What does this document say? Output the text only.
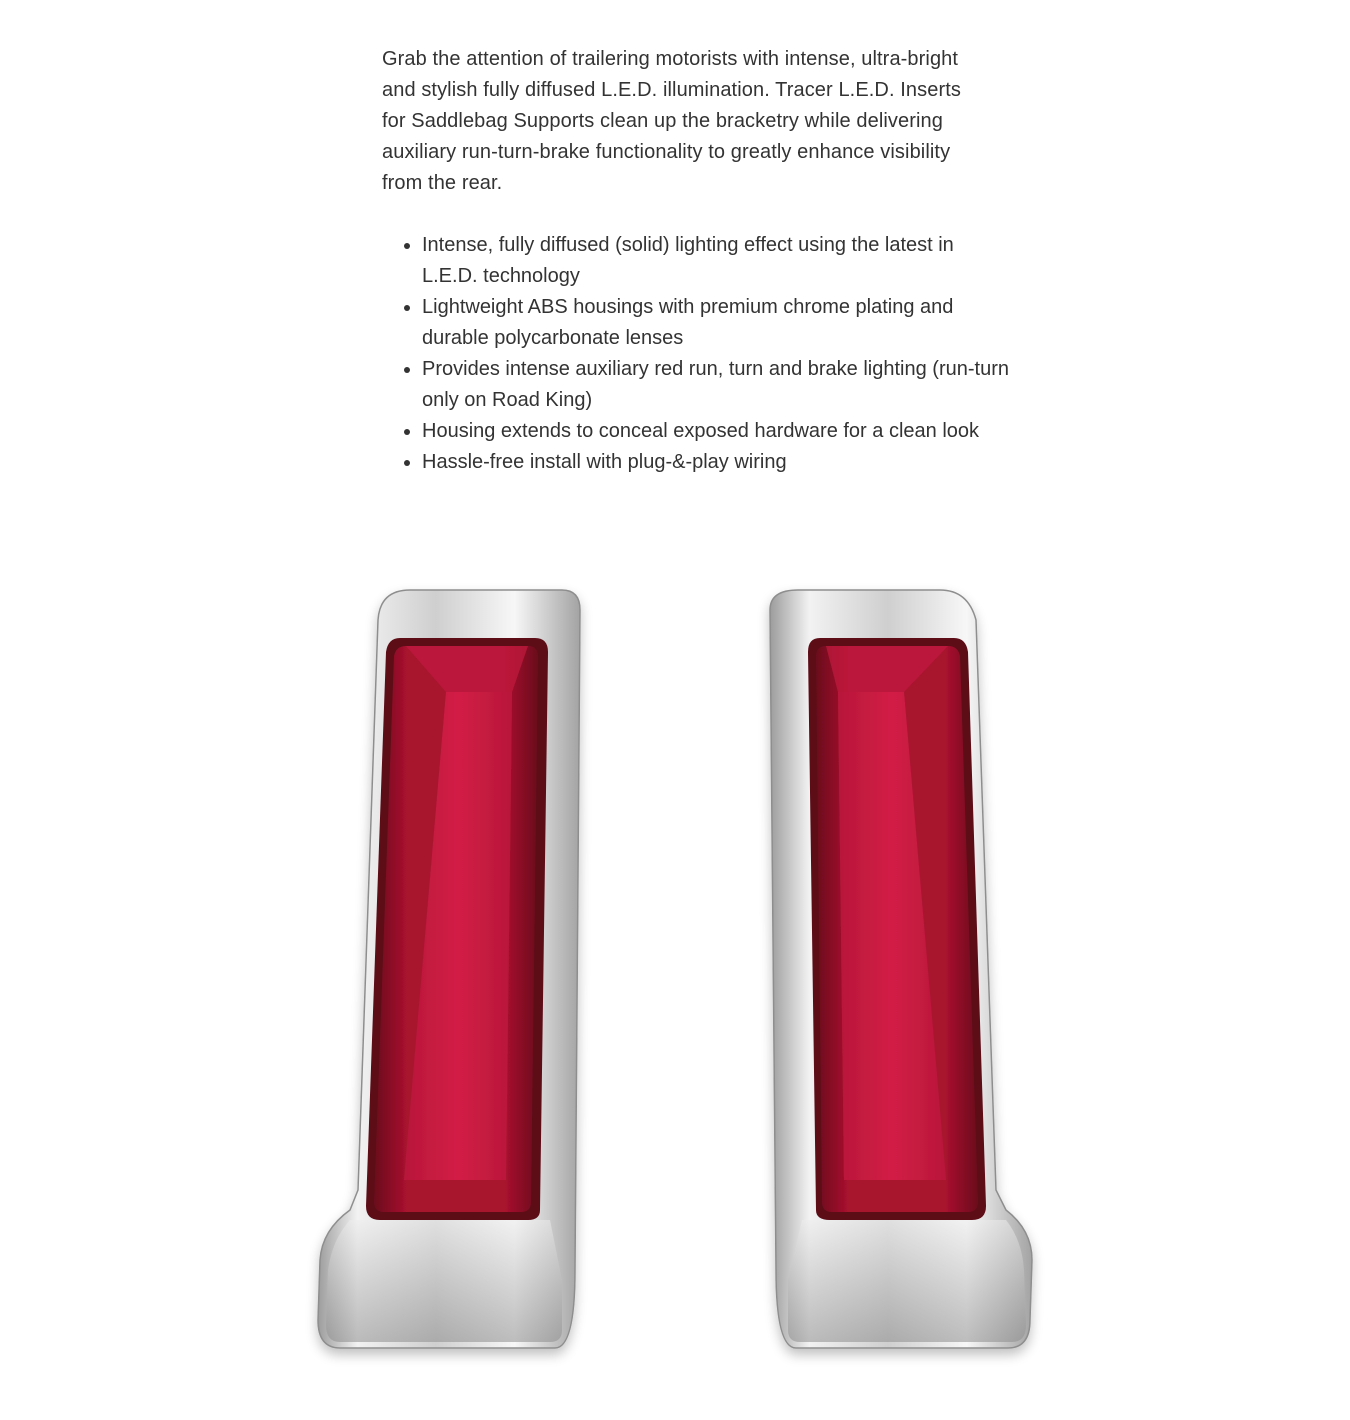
Grab the attention of trailering motorists with intense, ultra-bright and stylish fully diffused L.E.D. illumination. Tracer L.E.D. Inserts for Saddlebag Supports clean up the bracketry while delivering auxiliary run-turn-brake functionality to greatly enhance visibility from the rear.

• Intense, fully diffused (solid) lighting effect using the latest in L.E.D. technology
• Lightweight ABS housings with premium chrome plating and durable polycarbonate lenses
• Provides intense auxiliary red run, turn and brake lighting (run-turn only on Road King)
• Housing extends to conceal exposed hardware for a clean look
• Hassle-free install with plug-&-play wiring
